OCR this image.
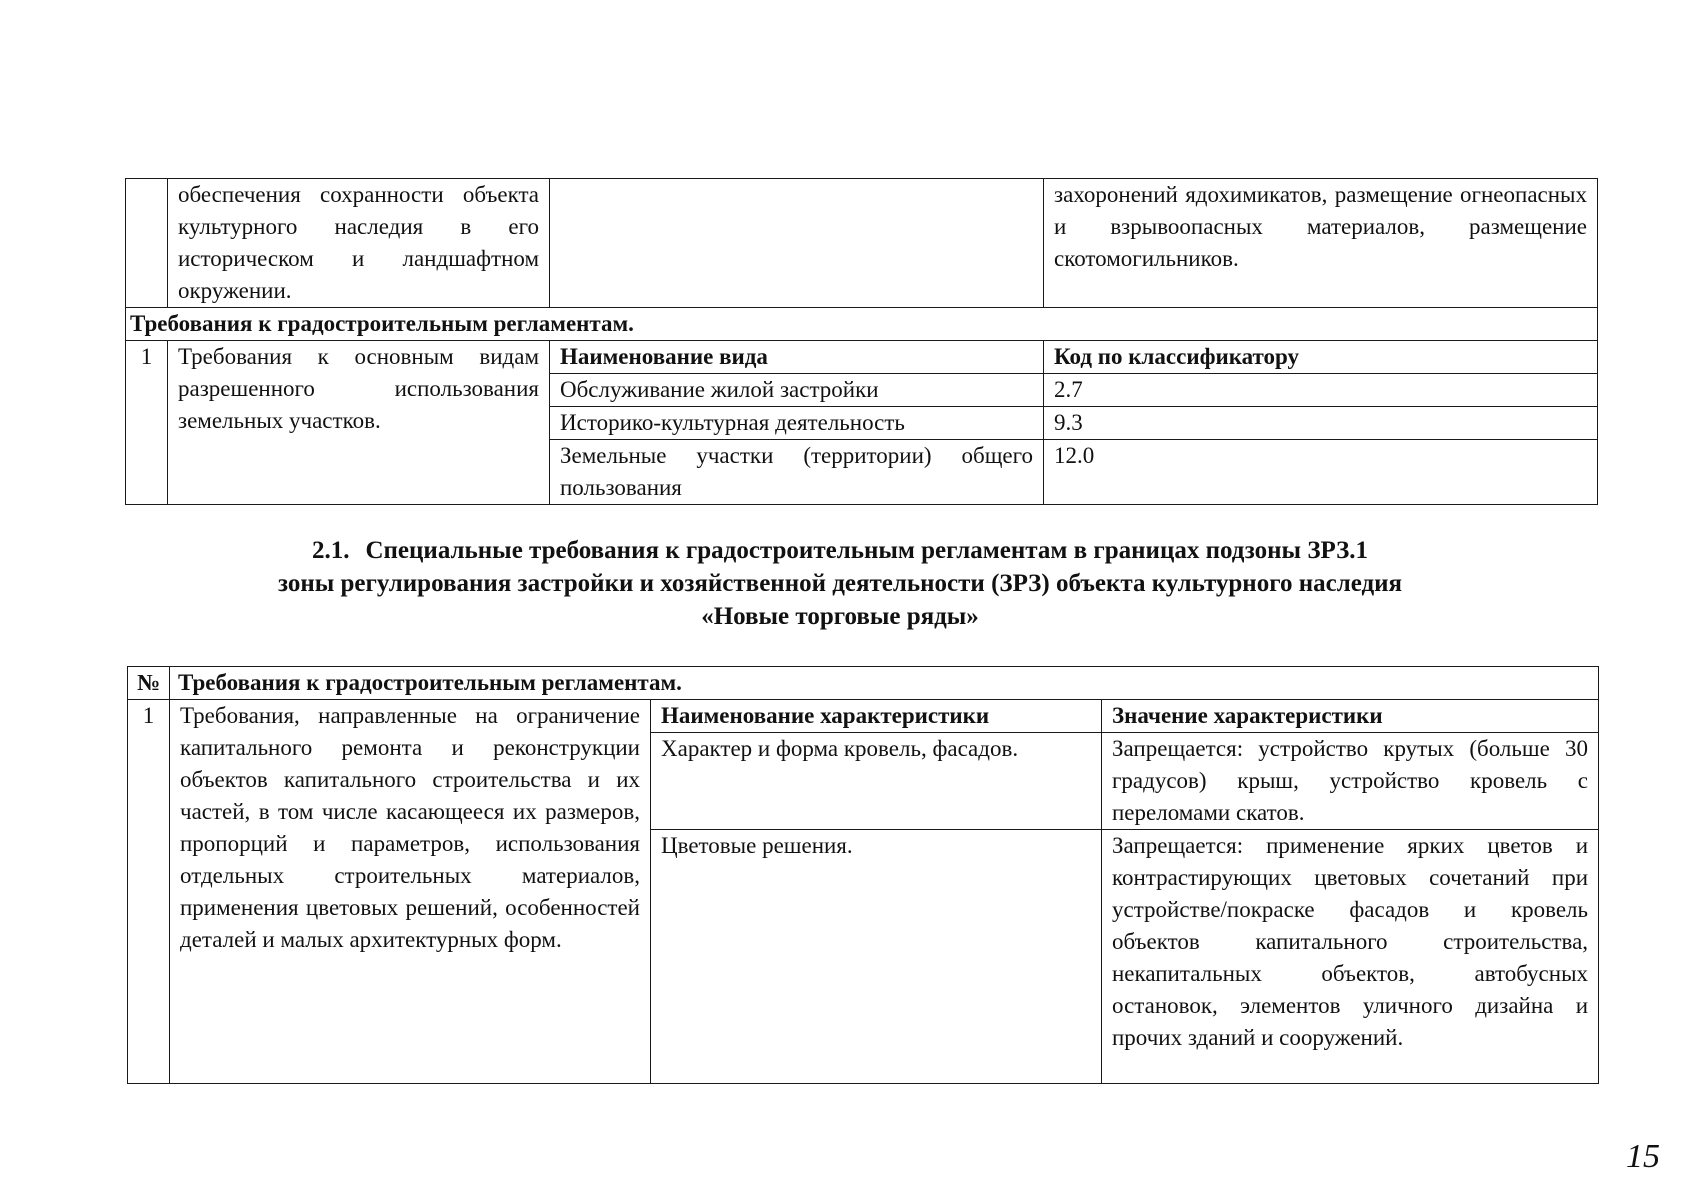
	обеспечения сохранности объекта культурного наследия в его историческом и ландшафтном окружении.		захоронений ядохимикатов, размещение огнеопасных и взрывоопасных материалов, размещение скотомогильников.
Требования к градостроительным регламентам.			
1	Требования к основным видам разрешенного использования земельных участков.	Наименование вида	Код по классификатору
		Обслуживание жилой застройки	2.7
		Историко-культурная деятельность	9.3
		Земельные участки (территории) общего пользования	12.0
2.1. Специальные требования к градостроительным регламентам в границах подзоны ЗРЗ.1
зоны регулирования застройки и хозяйственной деятельности (ЗРЗ) объекта культурного наследия
«Новые торговые ряды»
№	Требования к градостроительным регламентам.		
1	Требования, направленные на ограничение капитального ремонта и реконструкции объектов капитального строительства и их частей, в том числе касающееся их размеров, пропорций и параметров, использования отдельных строительных материалов, применения цветовых решений, особенностей деталей и малых архитектурных форм.	Наименование характеристики	Значение характеристики
		Характер и форма кровель, фасадов.	Запрещается: устройство крутых (больше 30 градусов) крыш, устройство кровель с переломами скатов.
		Цветовые решения.	Запрещается: применение ярких цветов и контрастирующих цветовых сочетаний при устройстве/покраске фасадов и кровель объектов капитального строительства, некапитальных объектов, автобусных остановок, элементов уличного дизайна и прочих зданий и сооружений.
15
